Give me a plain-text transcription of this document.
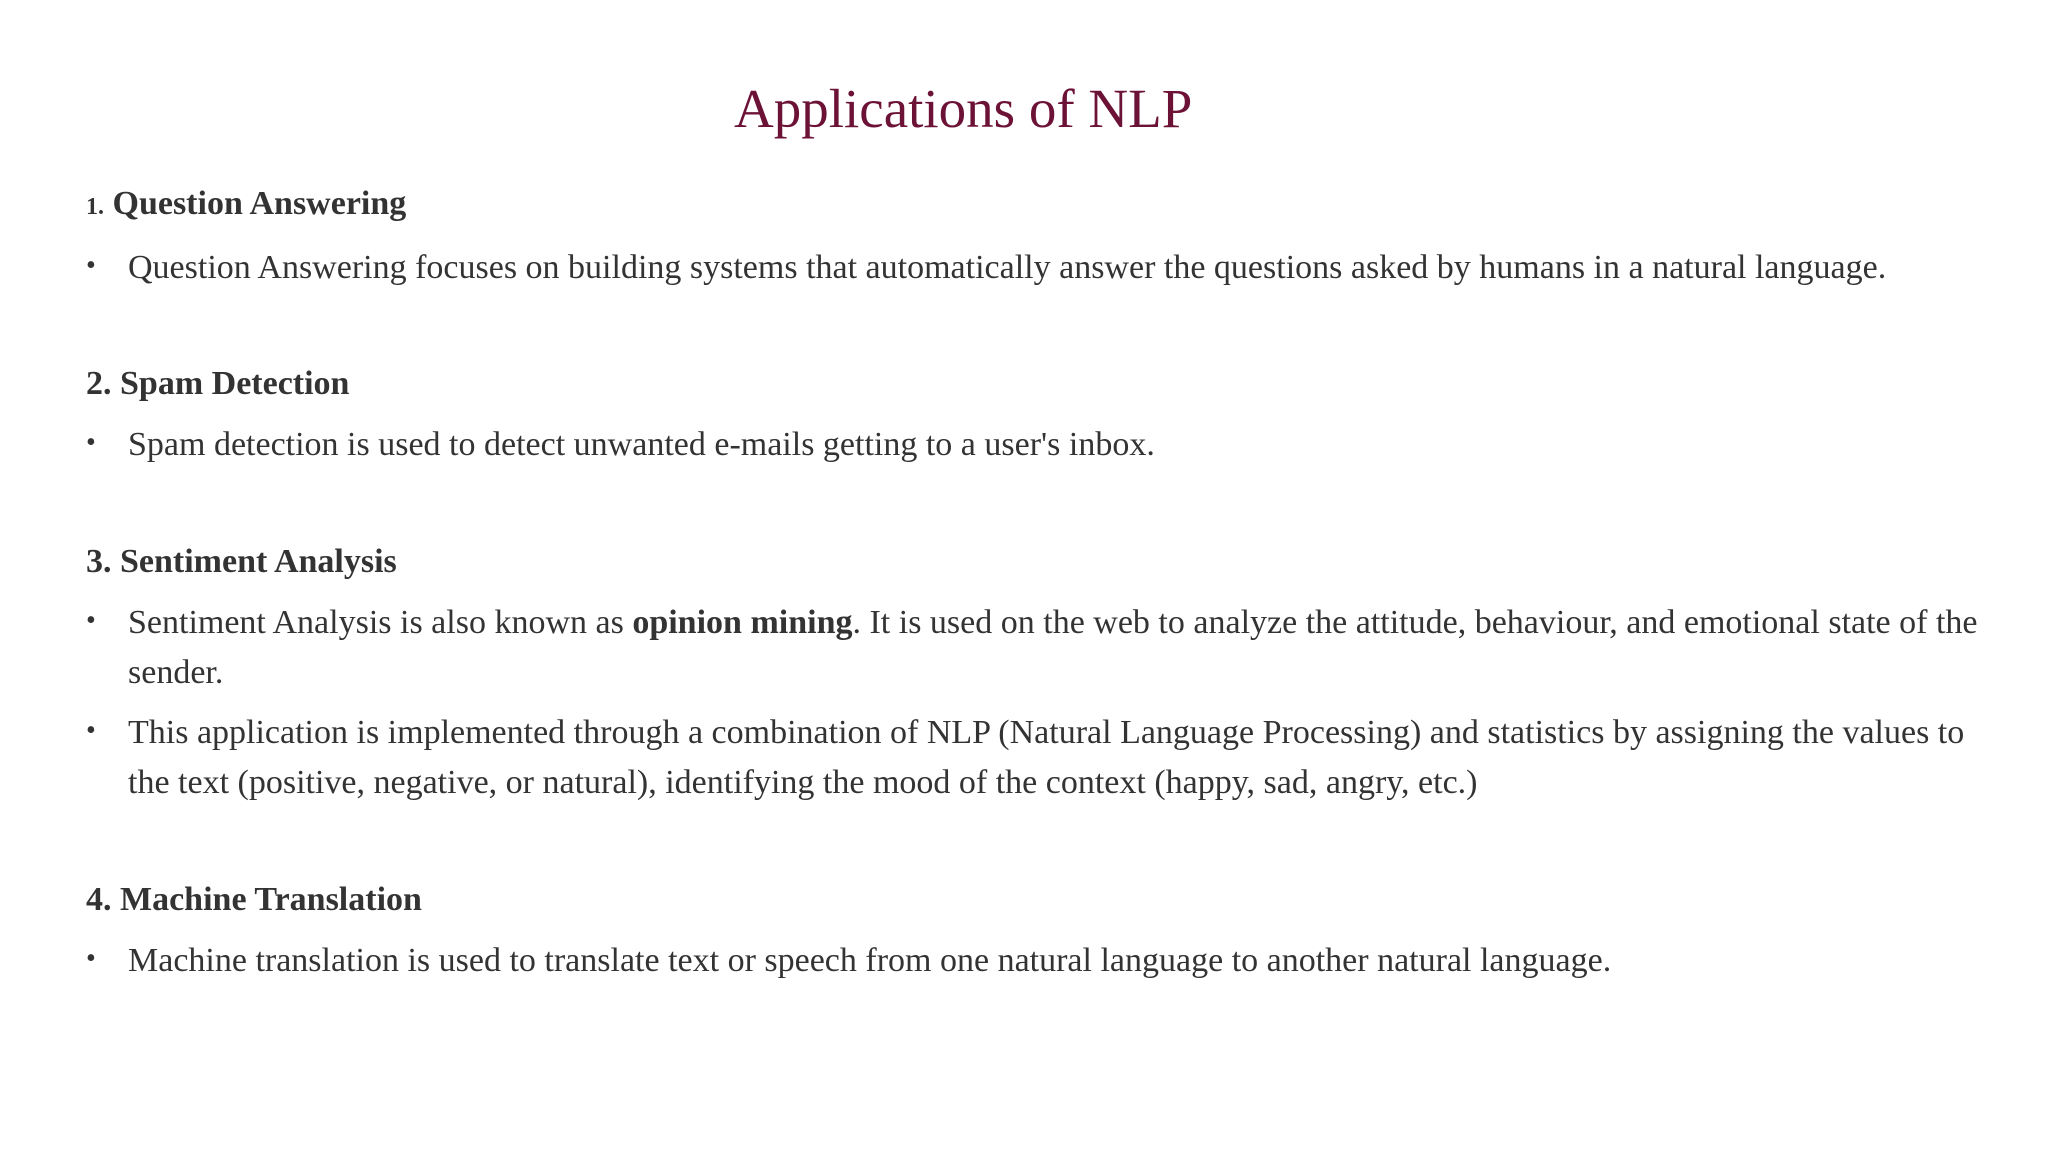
Applications of NLP
1. Question Answering
• Question Answering focuses on building systems that automatically answer the questions asked by humans in a natural language.
2. Spam Detection
• Spam detection is used to detect unwanted e-mails getting to a user's inbox.
3. Sentiment Analysis
• Sentiment Analysis is also known as opinion mining. It is used on the web to analyze the attitude, behaviour, and emotional state of the sender.
• This application is implemented through a combination of NLP (Natural Language Processing) and statistics by assigning the values to the text (positive, negative, or natural), identifying the mood of the context (happy, sad, angry, etc.)
4. Machine Translation
• Machine translation is used to translate text or speech from one natural language to another natural language.
